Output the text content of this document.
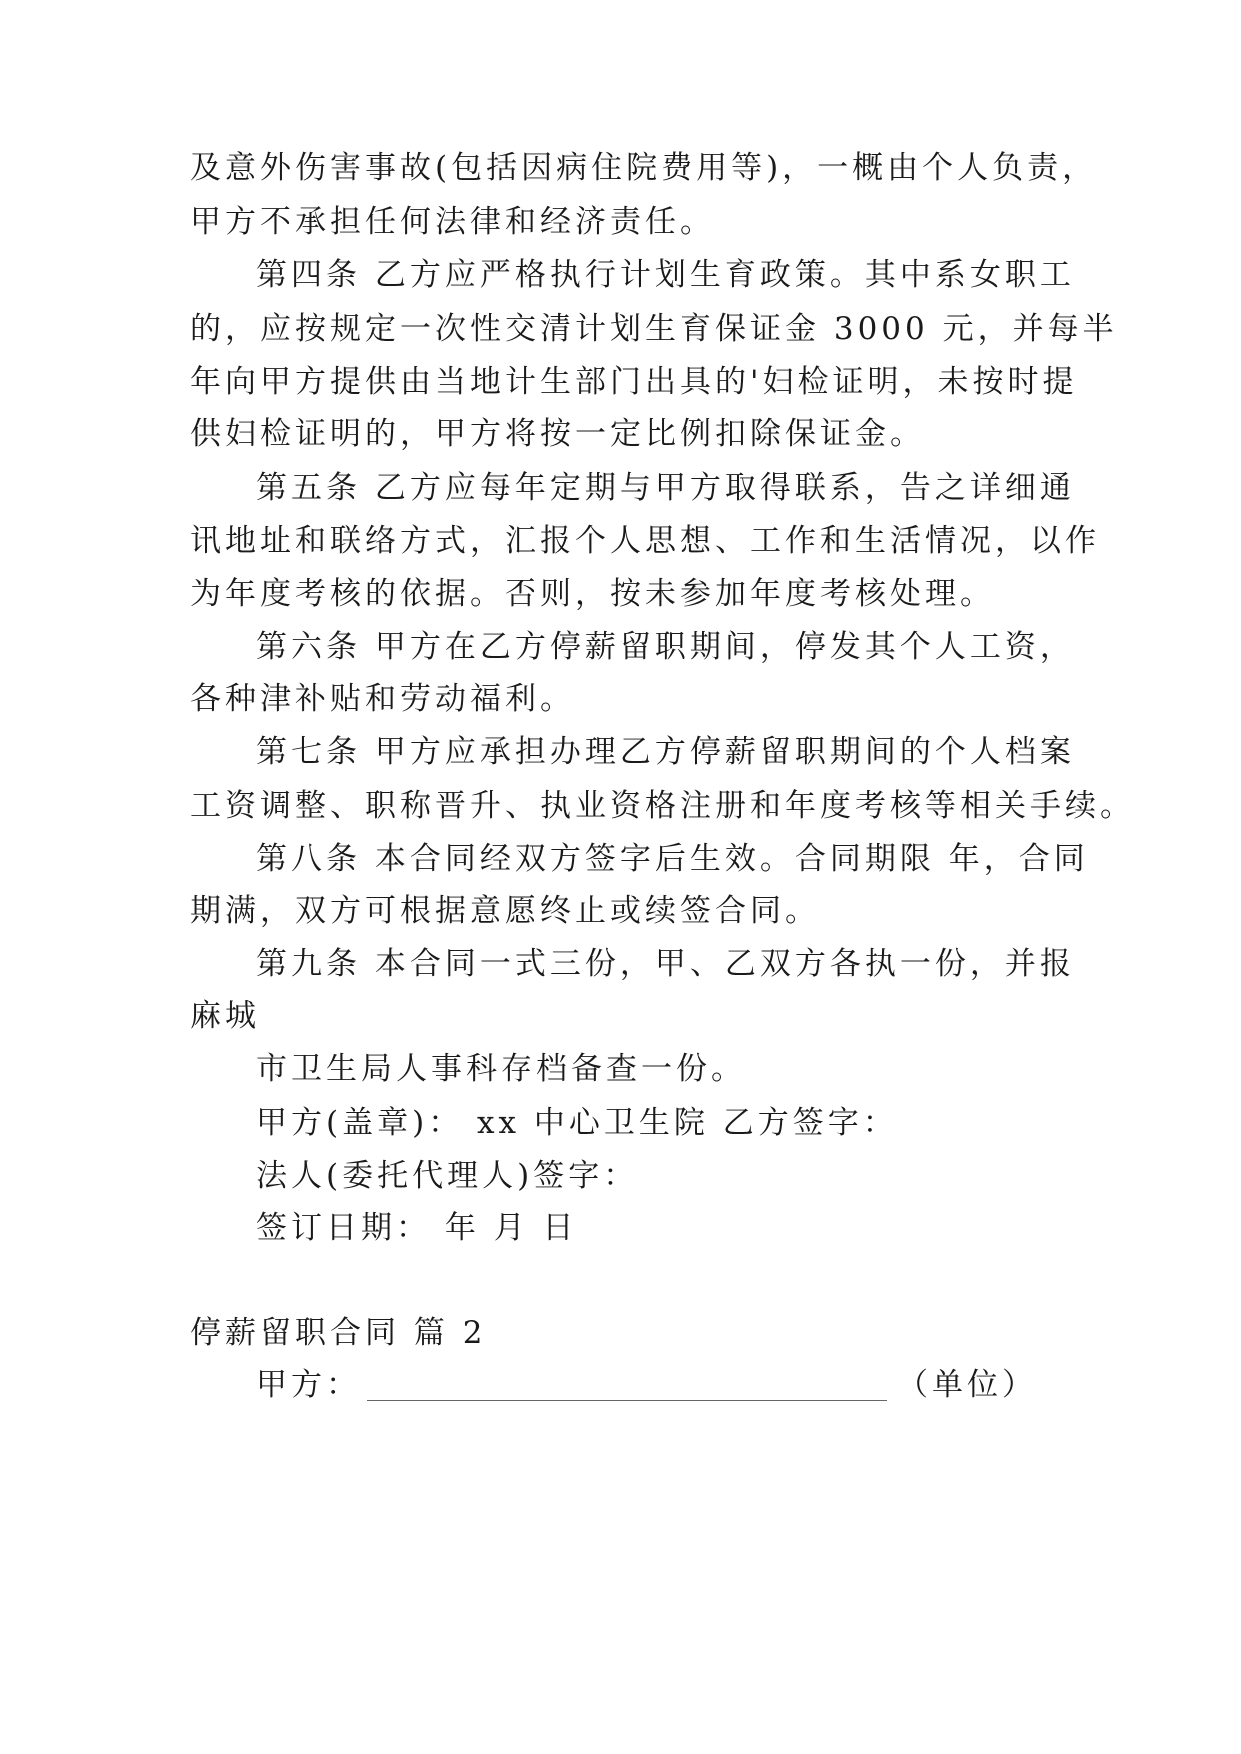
及意外伤害事故(包括因病住院费用等)，一概由个人负责，
甲方不承担任何法律和经济责任。
第四条 乙方应严格执行计划生育政策。其中系女职工
的，应按规定一次性交清计划生育保证金 3000 元，并每半
年向甲方提供由当地计生部门出具的'妇检证明，未按时提
供妇检证明的，甲方将按一定比例扣除保证金。
第五条 乙方应每年定期与甲方取得联系，告之详细通
讯地址和联络方式，汇报个人思想、工作和生活情况，以作
为年度考核的依据。否则，按未参加年度考核处理。
第六条 甲方在乙方停薪留职期间，停发其个人工资，
各种津补贴和劳动福利。
第七条 甲方应承担办理乙方停薪留职期间的个人档案
工资调整、职称晋升、执业资格注册和年度考核等相关手续。
第八条 本合同经双方签字后生效。合同期限 年，合同
期满，双方可根据意愿终止或续签合同。
第九条 本合同一式三份，甲、乙双方各执一份，并报
麻城
市卫生局人事科存档备查一份。
甲方(盖章)： xx 中心卫生院 乙方签字：
法人(委托代理人)签字：
签订日期： 年 月 日
停薪留职合同 篇 2
甲方：	（单位）
